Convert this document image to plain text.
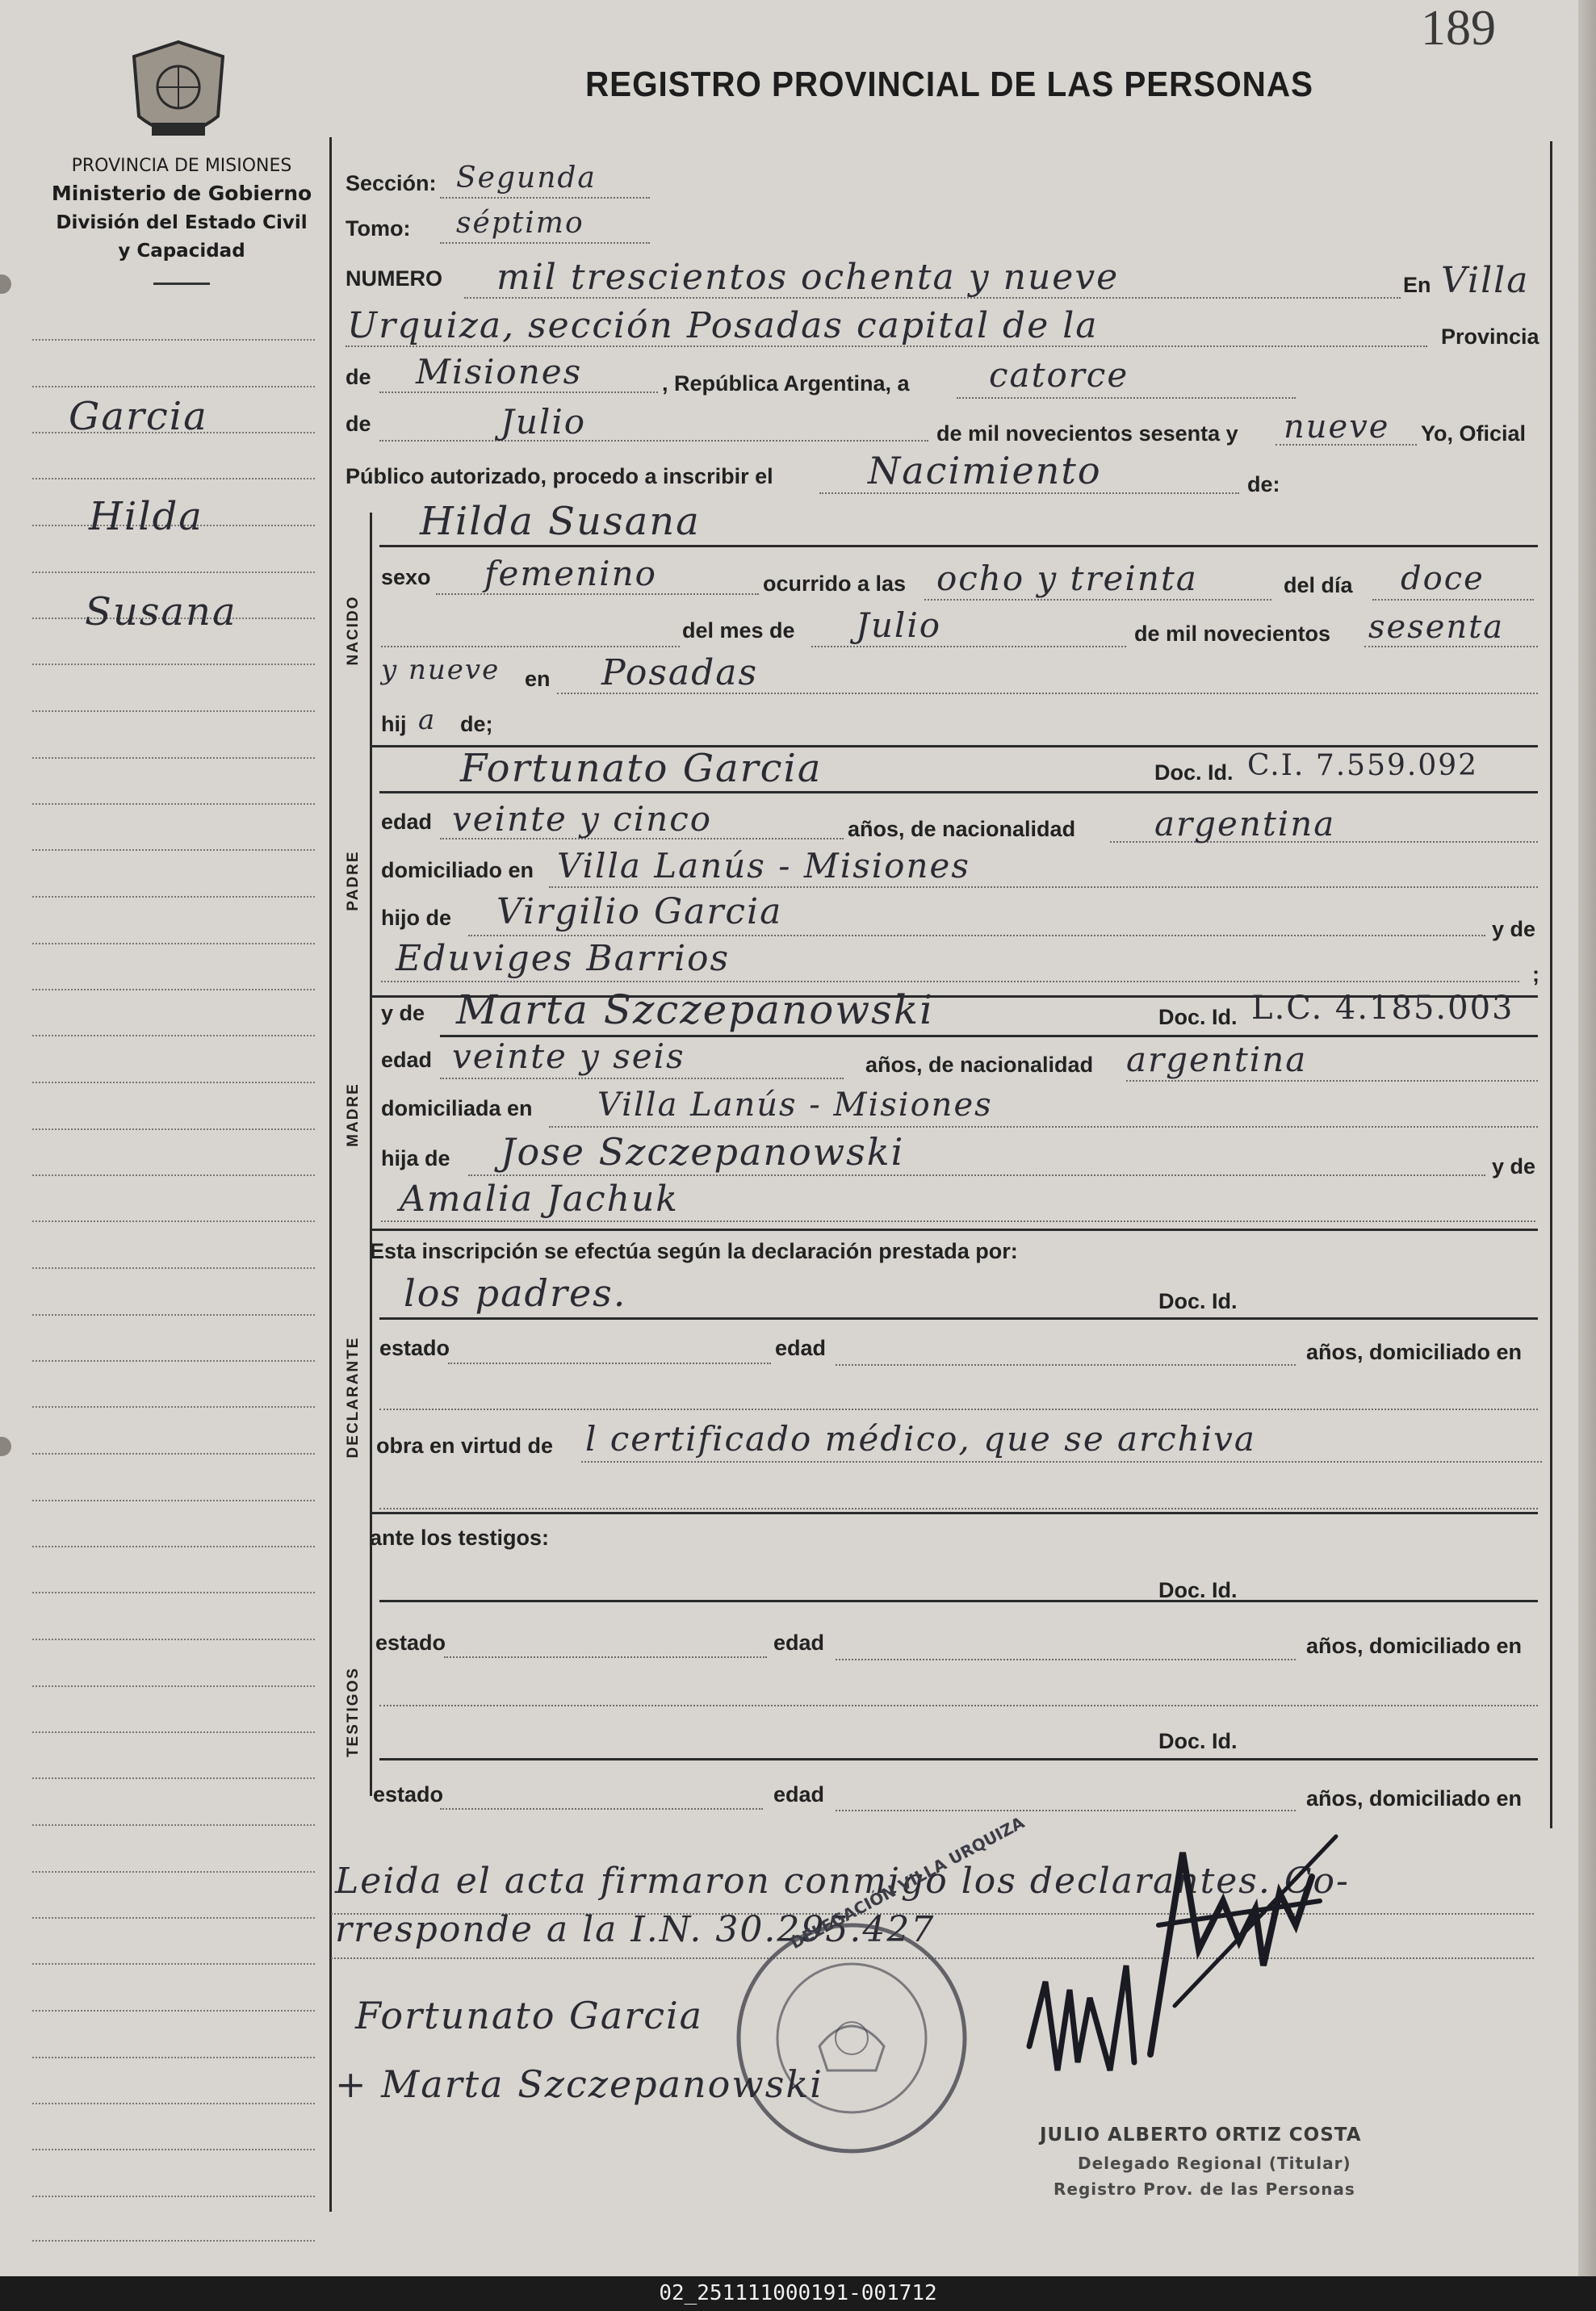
189
REGISTRO PROVINCIAL DE LAS PERSONAS
PROVINCIA DE MISIONES
Ministerio de Gobierno
División del Estado Civil
y Capacidad
Garcia
Hilda
Susana
Sección: Segunda
Tomo: séptimo
NUMERO mil trescientos ochenta y nueve	En Villa
Urquiza, sección Posadas capital de la	Provincia
de Misiones	, República Argentina, a catorce
de	Julio	de mil novecientos sesenta y nueve Yo, Oficial
Público autorizado, procedo a inscribir el	Nacimiento	de:
NACIDO
Hilda Susana
sexo femenino	ocurrido a las ocho y treinta	del día doce
del mes de Julio	de mil novecientos sesenta
y nueve en Posadas
hij a de;
PADRE
Fortunato Garcia	Doc. Id. C.I. 7.559.092
edad veinte y cinco	años, de nacionalidad argentina
domiciliado en Villa Lanús - Misiones
hijo de Virgilio Garcia	y de
Eduviges Barrios	;
MADRE
y de Marta Szczepanowski	Doc. Id. L.C. 4.185.003
edad veinte y seis	años, de nacionalidad argentina
domiciliada en Villa Lanús - Misiones
hija de Jose Szczepanowski	y de
Amalia Jachuk
Esta inscripción se efectúa según la declaración prestada por:
DECLARANTE
los padres.	Doc. Id.
estado	edad	años, domiciliado en
obra en virtud de l certificado médico, que se archiva
ante los testigos:
TESTIGOS
Doc. Id.
estado	edad	años, domiciliado en
Doc. Id.
estado	edad	años, domiciliado en
Leida el acta firmaron conmigo los declarantes. Co-
rresponde a la I.N. 30.295.427
DELEGACIÓN VILLA URQUIZA
Fortunato Garcia
+ Marta Szczepanowski
JULIO ALBERTO ORTIZ COSTA
Delegado Regional (Titular)
Registro Prov. de las Personas
02_251111000191-001712
